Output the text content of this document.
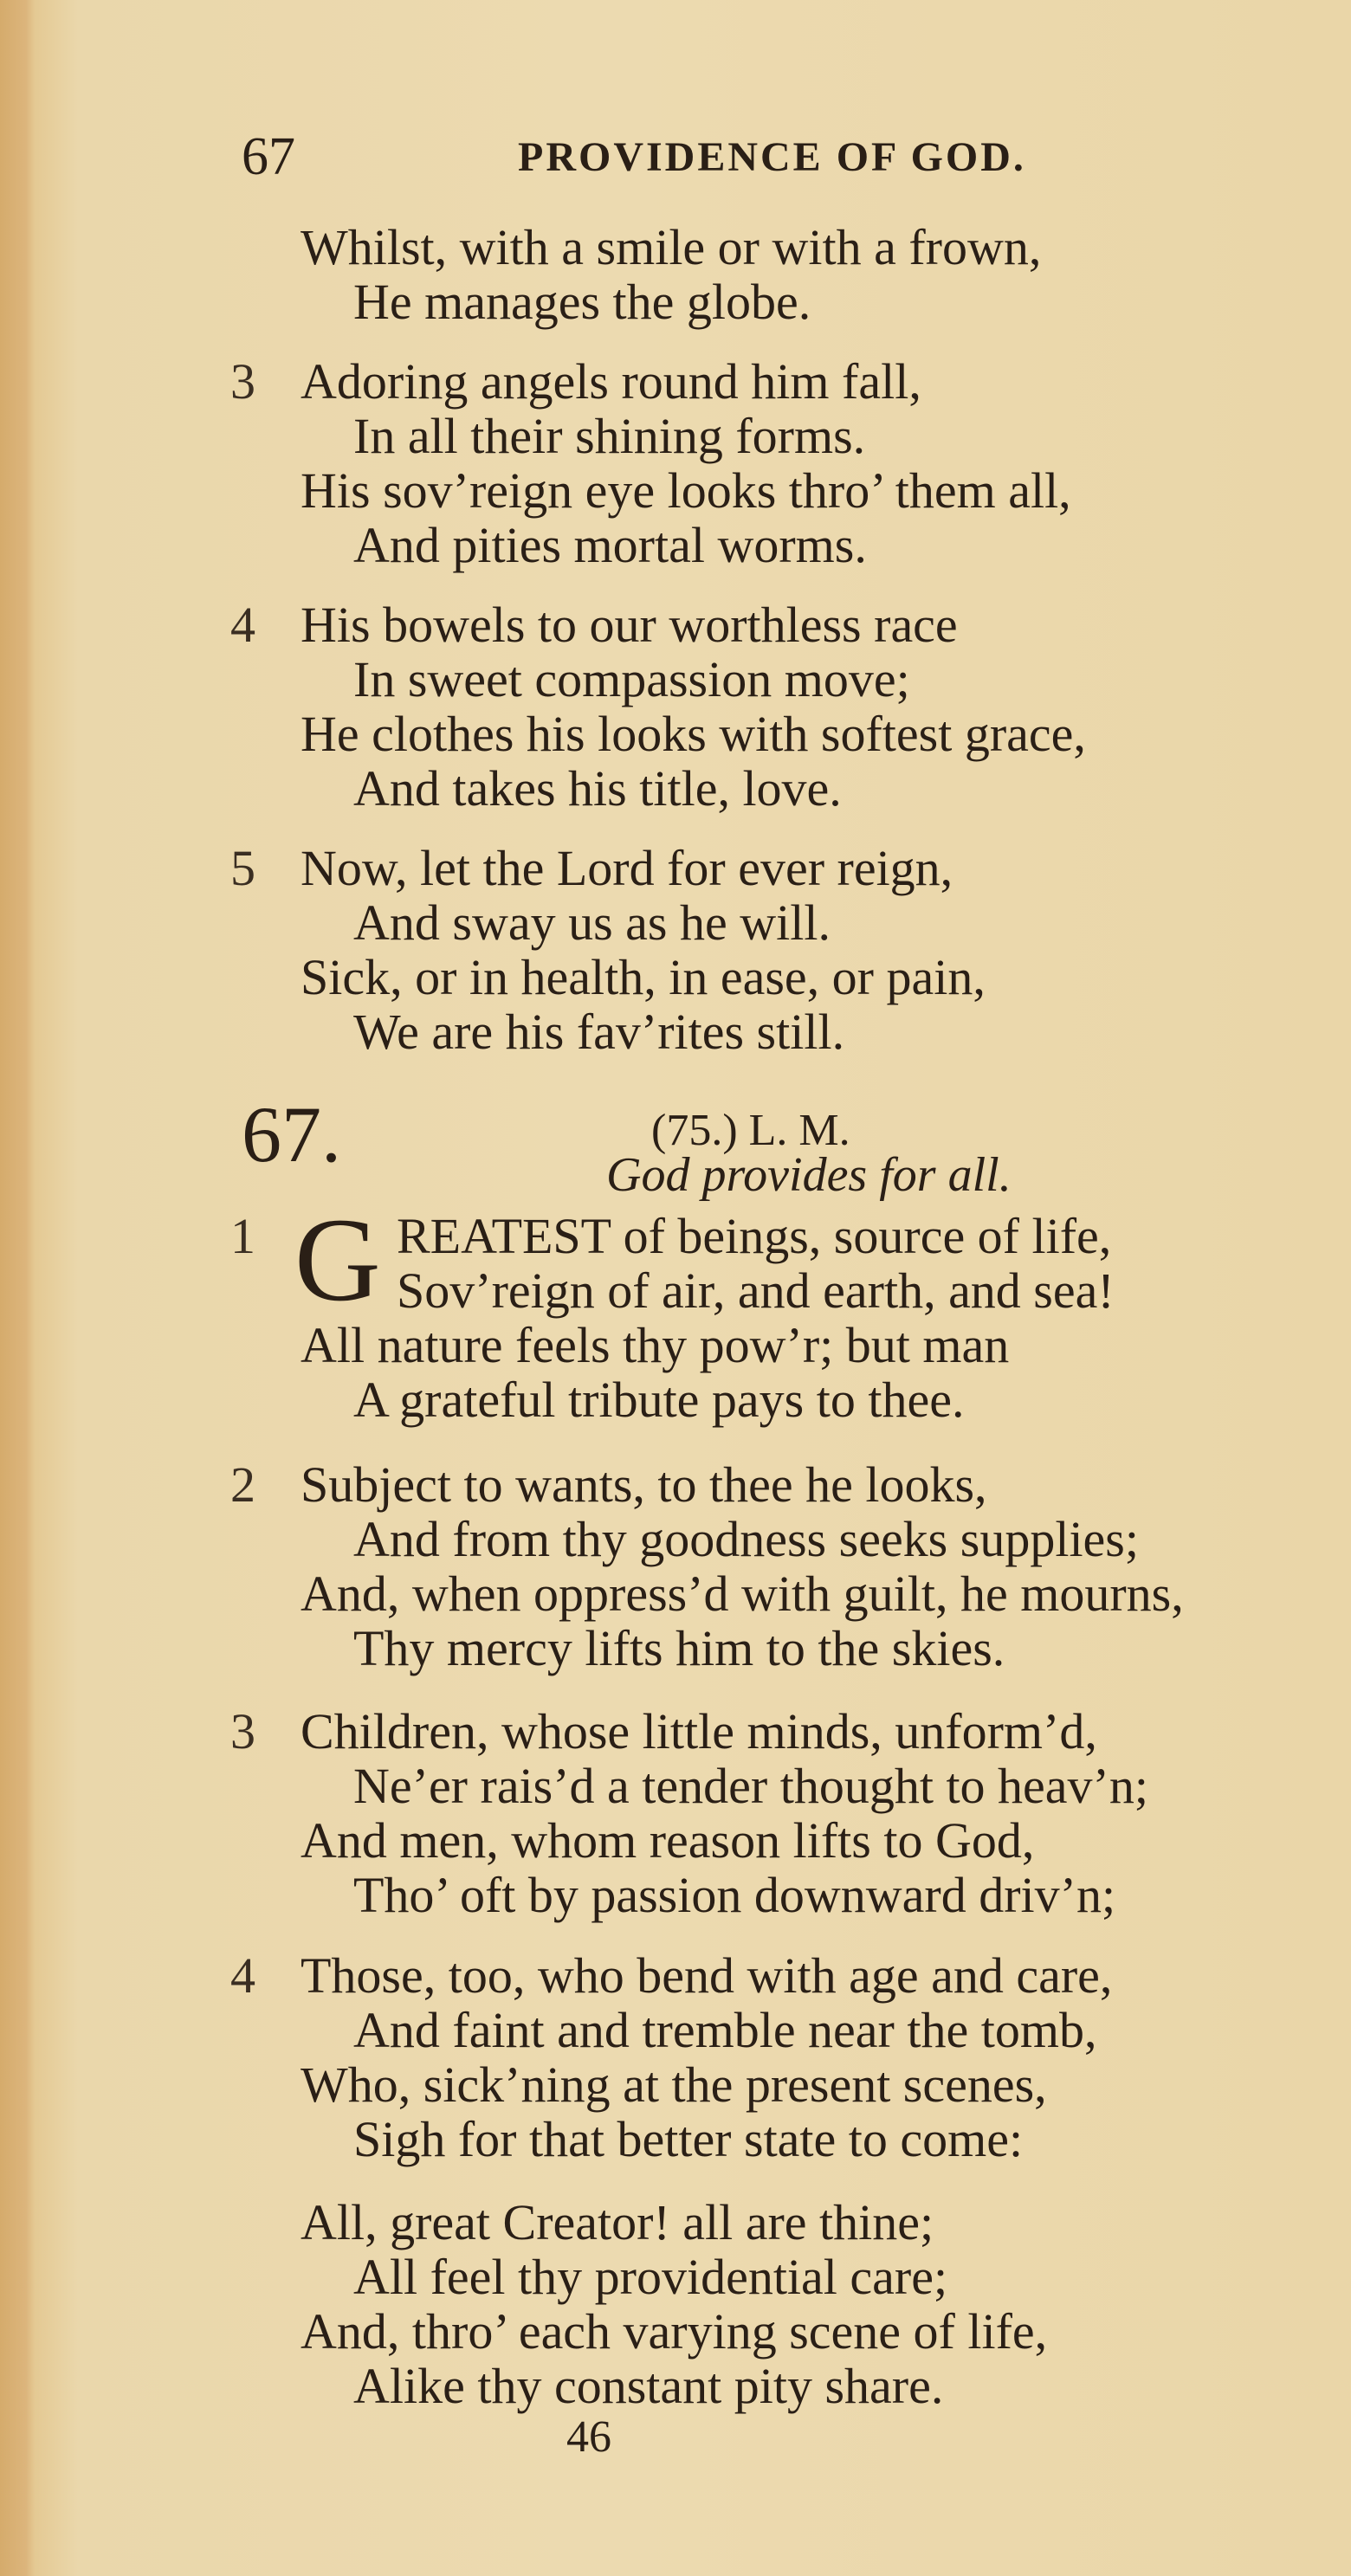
67	PROVIDENCE OF GOD.
Whilst, with a smile or with a frown,
He manages the globe.
3 Adoring angels round him fall,
In all their shining forms.
His sov’reign eye looks thro’ them all,
And pities mortal worms.
4 His bowels to our worthless race
In sweet compassion move;
He clothes his looks with softest grace,
And takes his title, love.
5 Now, let the Lord for ever reign,
And sway us as he will.
Sick, or in health, in ease, or pain,
We are his fav’rites still.
67.	(75.) L. M.
God provides for all.
G
1	REATEST of beings, source of life,
Sov’reign of air, and earth, and sea!
All nature feels thy pow’r; but man
A grateful tribute pays to thee.
2 Subject to wants, to thee he looks,
And from thy goodness seeks supplies;
And, when oppress’d with guilt, he mourns,
Thy mercy lifts him to the skies.
3 Children, whose little minds, unform’d,
Ne’er rais’d a tender thought to heav’n;
And men, whom reason lifts to God,
Tho’ oft by passion downward driv’n;
4 Those, too, who bend with age and care,
And faint and tremble near the tomb,
Who, sick’ning at the present scenes,
Sigh for that better state to come:
All, great Creator! all are thine;
All feel thy providential care;
And, thro’ each varying scene of life,
Alike thy constant pity share.
46
